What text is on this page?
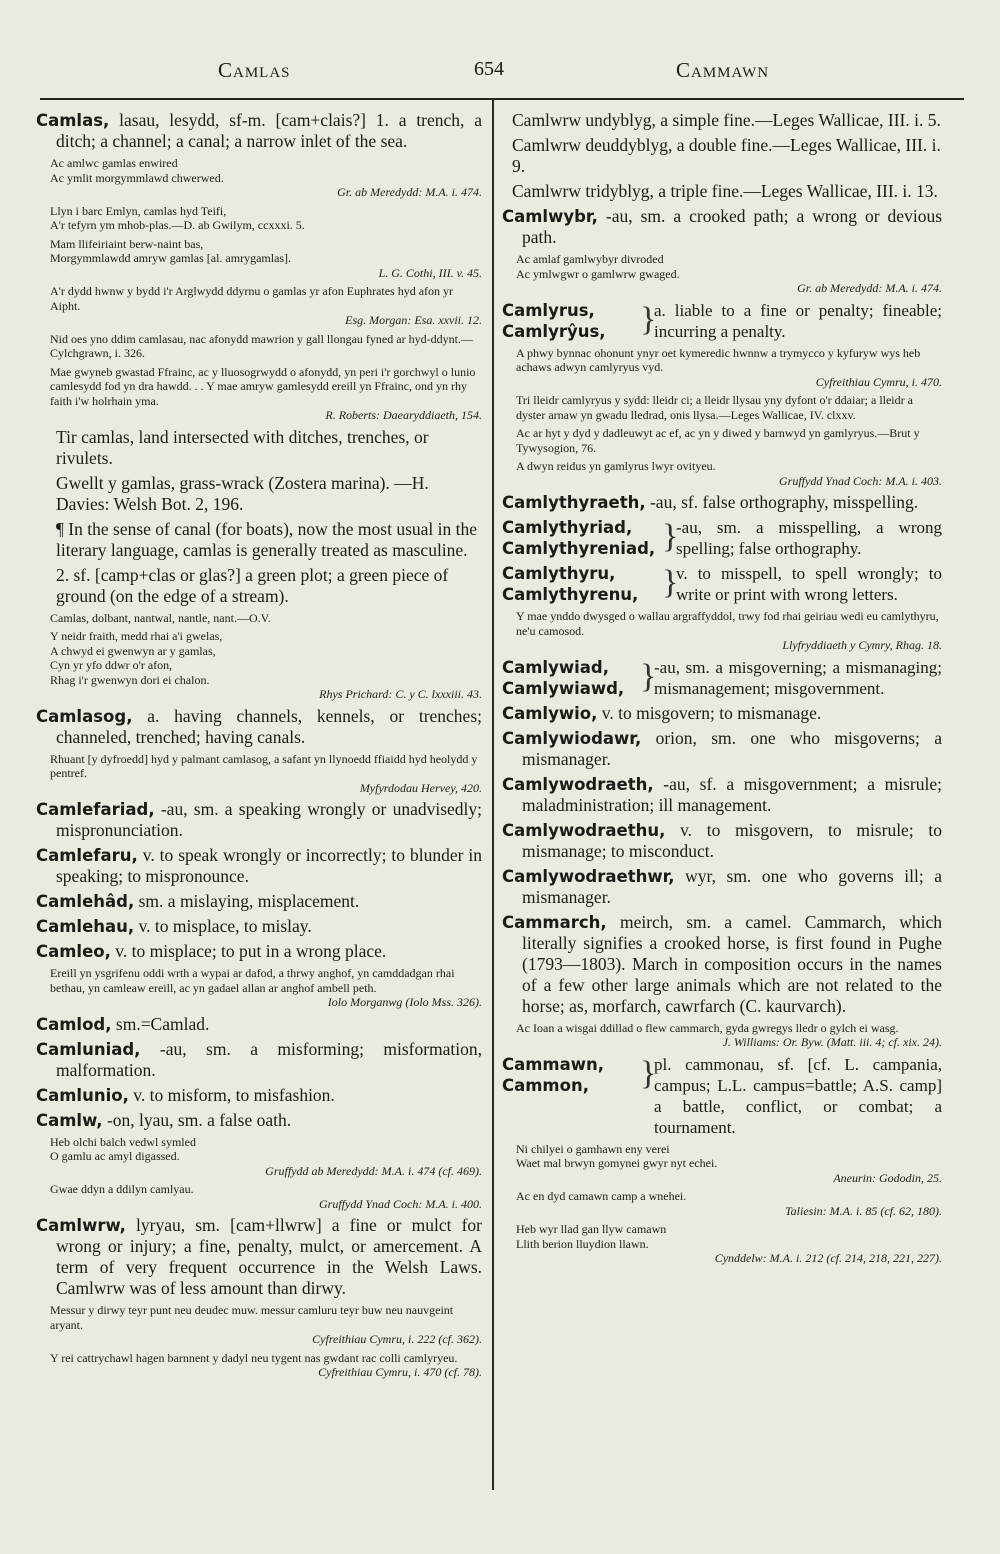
Camlas	654	Cammawn

Camlas, lasau, lesydd, sf-m. [cam+clais?] 1. a trench, a ditch; a channel; a canal; a narrow inlet of the sea.

Ac amlwc gamlas enwired
Ac ymlit morgymmlawd chwerwed.
Gr. ab Meredydd: M.A. i. 474.
Llyn i barc Emlyn, camlas hyd Teifi,
A'r tefyrn ym mhob-plas.—D. ab Gwilym, ccxxxi. 5.
Mam llifeiriaint berw-naint bas,
Morgymmlawdd amryw gamlas [al. amrygamlas].
L. G. Cothi, III. v. 45.
A'r dydd hwnw y bydd i'r Arglwydd ddyrnu o gamlas yr afon Euphrates hyd afon yr Aipht.
Esg. Morgan: Esa. xxvii. 12.
Nid oes yno ddim camlasau, nac afonydd mawrion y gall llongau fyned ar hyd-ddynt.—Cylchgrawn, i. 326.
Mae gwyneb gwastad Ffrainc, ac y lluosogrwydd o afonydd, yn peri i'r gorchwyl o lunio camlesydd fod yn dra hawdd. . . Y mae amryw gamlesydd ereill yn Ffrainc, ond yn rhy faith i'w holrhain yma.
R. Roberts: Daearyddiaeth, 154.

Tir camlas, land intersected with ditches, trenches, or rivulets.

Gwellt y gamlas, grass-wrack (Zostera marina). —H. Davies: Welsh Bot. 2, 196.

¶ In the sense of canal (for boats), now the most usual in the literary language, camlas is generally treated as masculine.

2. sf. [camp+clas or glas?] a green plot; a green piece of ground (on the edge of a stream).

Camlas, dolbant, nantwal, nantle, nant.—O.V.
Y neidr fraith, medd rhai a'i gwelas,
A chwyd ei gwenwyn ar y gamlas,
Cyn yr yfo ddwr o'r afon,
Rhag i'r gwenwyn dori ei chalon.
Rhys Prichard: C. y C. lxxxiii. 43.

Camlasog, a. having channels, kennels, or trenches; channeled, trenched; having canals.

Rhuant [y dyfroedd] hyd y palmant camlasog, a safant yn llynoedd ffiaidd hyd heolydd y pentref.
Myfyrdodau Hervey, 420.

Camlefariad, -au, sm. a speaking wrongly or unadvisedly; mispronunciation.

Camlefaru, v. to speak wrongly or incorrectly; to blunder in speaking; to mispronounce.

Camlehâd, sm. a mislaying, misplacement.

Camlehau, v. to misplace, to mislay.

Camleo, v. to misplace; to put in a wrong place.

Ereill yn ysgrifenu oddi wrth a wypai ar dafod, a thrwy anghof, yn camddadgan rhai bethau, yn camleaw ereill, ac yn gadael allan ar anghof ambell peth.
Iolo Morganwg (Iolo Mss. 326).

Camlod, sm.=Camlad.

Camluniad, -au, sm. a misforming; misformation, malformation.

Camlunio, v. to misform, to misfashion.

Camlw, -on, lyau, sm. a false oath.

Heb olchi balch vedwl symled
O gamlu ac amyl digassed.
Gruffydd ab Meredydd: M.A. i. 474 (cf. 469).
Gwae ddyn a ddilyn camlyau.
Gruffydd Ynad Coch: M.A. i. 400.

Camlwrw, lyryau, sm. [cam+llwrw] a fine or mulct for wrong or injury; a fine, penalty, mulct, or amercement. A term of very frequent occurrence in the Welsh Laws. Camlwrw was of less amount than dirwy.

Messur y dirwy teyr punt neu deudec muw. messur camluru teyr buw neu nauvgeint aryant.
Cyfreithiau Cymru, i. 222 (cf. 362).
Y rei cattrychawl hagen barnnent y dadyl neu tygent nas gwdant rac colli camlyryeu.
Cyfreithiau Cymru, i. 470 (cf. 78).

Camlwrw undyblyg, a simple fine.—Leges Wallicae, III. i. 5.

Camlwrw deuddyblyg, a double fine.—Leges Wallicae, III. i. 9.

Camlwrw tridyblyg, a triple fine.—Leges Wallicae, III. i. 13.

Camlwybr, -au, sm. a crooked path; a wrong or devious path.

Ac amlaf gamlwybyr divroded
Ac ymlwgwr o gamlwrw gwaged.
Gr. ab Meredydd: M.A. i. 474.
Camlyrus,
Camlyrŷus,	}
a. liable to a fine or penalty; fineable; incurring a penalty.
A phwy bynnac ohonunt ynyr oet kymeredic hwnnw a trymycco y kyfuryw wys heb achaws adwyn camlyryus vyd.
Cyfreithiau Cymru, i. 470.
Tri lleidr camlyryus y sydd: lleidr ci; a lleidr llysau yny dyfont o'r ddaiar; a lleidr a dyster arnaw yn gwadu lledrad, onis llysa.—Leges Wallicae, IV. clxxv.
Ac ar hyt y dyd y dadleuwyt ac ef, ac yn y diwed y barnwyd yn gamlyryus.—Brut y Tywysogion, 76.
A dwyn reidus yn gamlyrus lwyr ovityeu.
Gruffydd Ynad Coch: M.A. i. 403.

Camlythyraeth, -au, sf. false orthography, misspelling.

Camlythyriad,
Camlythyreniad, }
-au, sm. a misspelling, a wrong spelling; false orthography.
Camlythyru,
Camlythyrenu, }
v. to misspell, to spell wrongly; to write or print with wrong letters.
Y mae ynddo dwysged o wallau argraffyddol, trwy fod rhai geiriau wedi eu camlythyru, ne'u camosod.
Llyfryddiaeth y Cymry, Rhag. 18.
Camlywiad,
Camlywiawd, }
-au, sm. a misgoverning; a mismanaging; mismanagement; misgovernment.

Camlywio, v. to misgovern; to mismanage.

Camlywiodawr, orion, sm. one who misgoverns; a mismanager.

Camlywodraeth, -au, sf. a misgovernment; a misrule; maladministration; ill management.

Camlywodraethu, v. to misgovern, to misrule; to mismanage; to misconduct.

Camlywodraethwr, wyr, sm. one who governs ill; a mismanager.

Cammarch, meirch, sm. a camel. Cammarch, which literally signifies a crooked horse, is first found in Pughe (1793—1803). March in composition occurs in the names of a few other large animals which are not related to the horse; as, morfarch, cawrfarch (C. kaurvarch).

Ac Ioan a wisgai ddillad o flew cammarch, gyda gwregys lledr o gylch ei wasg.
J. Williams: Or. Byw. (Matt. iii. 4; cf. xix. 24).
Cammawn,
Cammon,	}
pl. cammonau, sf. [cf. L. campania, campus; L.L. campus=battle; A.S. camp] a battle, conflict, or combat; a tournament.
Ni chilyei o gamhawn eny verei
Waet mal brwyn gomynei gwyr nyt echei.
Aneurin: Gododin, 25.
Ac en dyd camawn camp a wnehei.
Taliesin: M.A. i. 85 (cf. 62, 180).
Heb wyr llad gan llyw camawn
Llith berion lluydion llawn.
Cynddelw: M.A. i. 212 (cf. 214, 218, 221, 227).
